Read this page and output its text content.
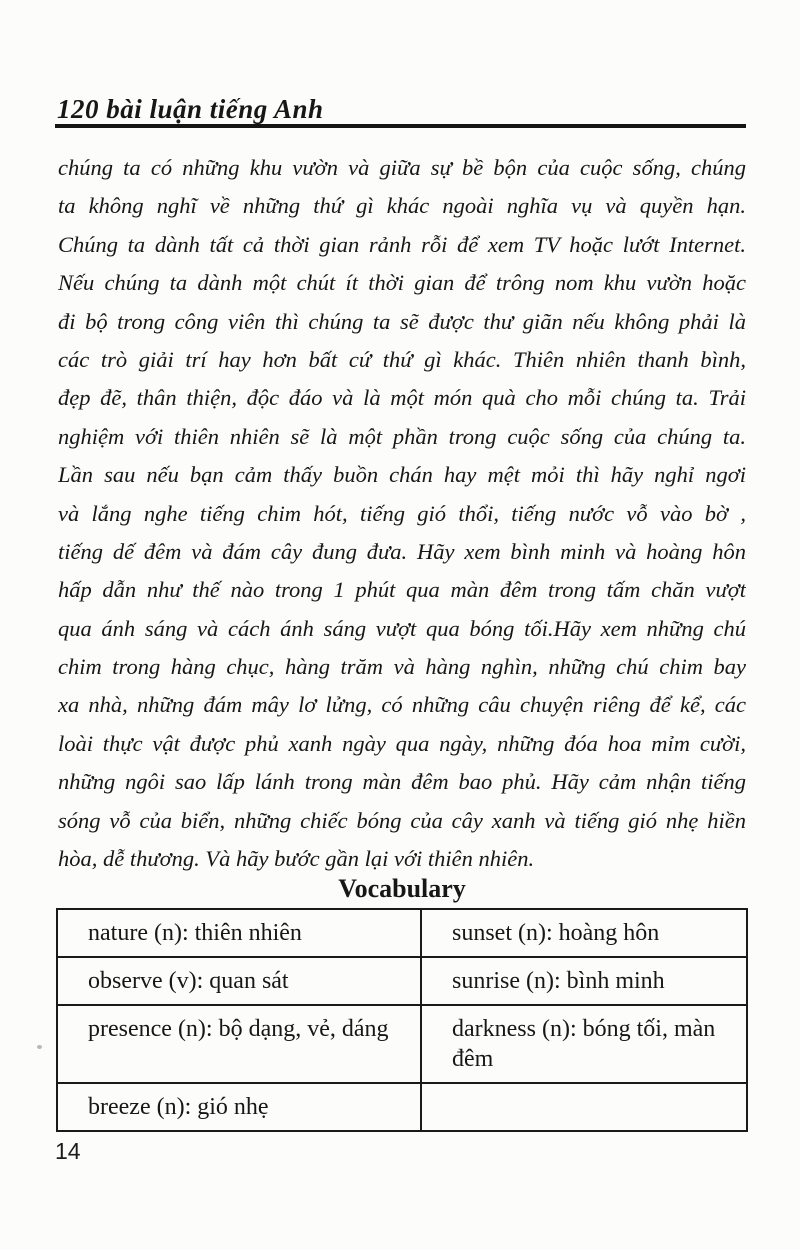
120 bài luận tiếng Anh
chúng ta có những khu vườn và giữa sự bề bộn của cuộc sống, chúng
ta không nghĩ về những thứ gì khác ngoài nghĩa vụ và quyền hạn.
Chúng ta dành tất cả thời gian rảnh rỗi để xem TV hoặc lướt Internet.
Nếu chúng ta dành một chút ít thời gian để trông nom khu vườn hoặc
đi bộ trong công viên thì chúng ta sẽ được thư giãn nếu không phải là
các trò giải trí hay hơn bất cứ thứ gì khác. Thiên nhiên thanh bình,
đẹp đẽ, thân thiện, độc đáo và là một món quà cho mỗi chúng ta. Trải
nghiệm với thiên nhiên sẽ là một phần trong cuộc sống của chúng ta.
Lần sau nếu bạn cảm thấy buồn chán hay mệt mỏi thì hãy nghỉ ngơi
và lắng nghe tiếng chim hót, tiếng gió thổi, tiếng nước vỗ vào bờ ,
tiếng dế đêm và đám cây đung đưa. Hãy xem bình minh và hoàng hôn
hấp dẫn như thế nào trong 1 phút qua màn đêm trong tấm chăn vượt
qua ánh sáng và cách ánh sáng vượt qua bóng tối.Hãy xem những chú
chim trong hàng chục, hàng trăm và hàng nghìn, những chú chim bay
xa nhà, những đám mây lơ lửng, có những câu chuyện riêng để kể, các
loài thực vật được phủ xanh ngày qua ngày, những đóa hoa mỉm cười,
những ngôi sao lấp lánh trong màn đêm bao phủ. Hãy cảm nhận tiếng
sóng vỗ của biển, những chiếc bóng của cây xanh và tiếng gió nhẹ hiền
hòa, dễ thương. Và hãy bước gần lại với thiên nhiên.
Vocabulary
nature (n): thiên nhiên	sunset (n): hoàng hôn
observe (v): quan sát	sunrise (n): bình minh
presence (n): bộ dạng, vẻ, dáng	darkness (n): bóng tối, màn đêm
breeze (n): gió nhẹ	
14
